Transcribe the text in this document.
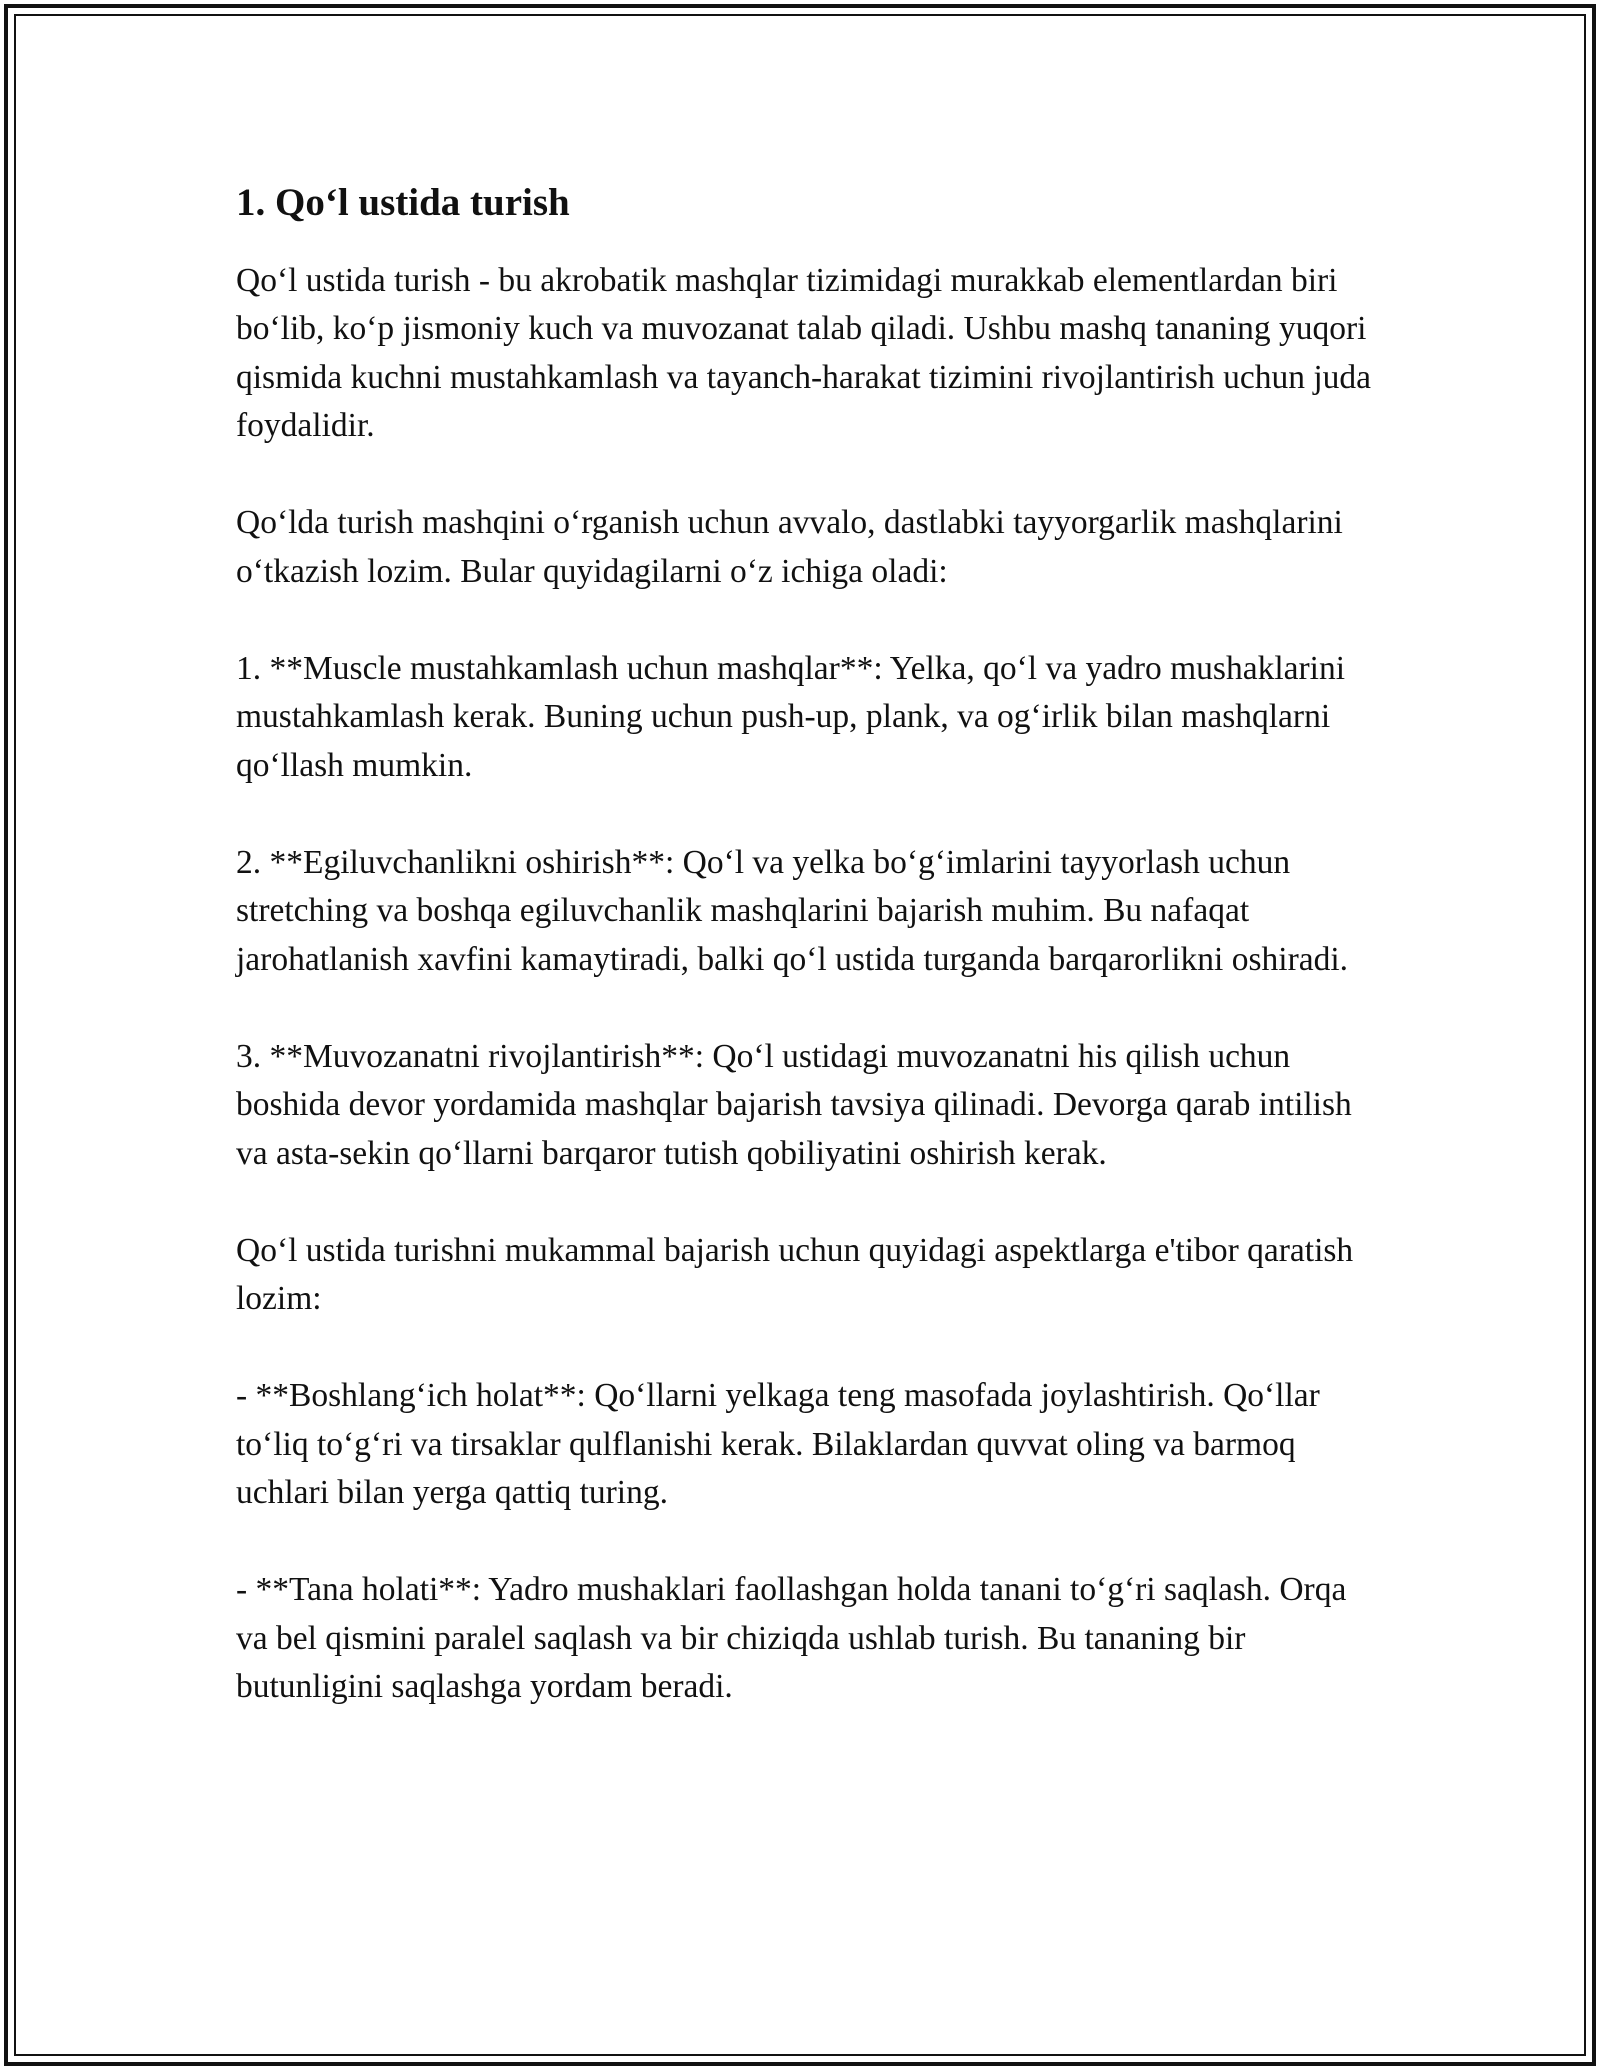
1. Qo‘l ustida turish

Qo‘l ustida turish - bu akrobatik mashqlar tizimidagi murakkab elementlardan biri bo‘lib, ko‘p jismoniy kuch va muvozanat talab qiladi. Ushbu mashq tananing yuqori qismida kuchni mustahkamlash va tayanch-harakat tizimini rivojlantirish uchun juda foydalidir.

Qo‘lda turish mashqini o‘rganish uchun avvalo, dastlabki tayyorgarlik mashqlarini o‘tkazish lozim. Bular quyidagilarni o‘z ichiga oladi:

1. **Muscle mustahkamlash uchun mashqlar**: Yelka, qo‘l va yadro mushaklarini mustahkamlash kerak. Buning uchun push-up, plank, va og‘irlik bilan mashqlarni qo‘llash mumkin.

2. **Egiluvchanlikni oshirish**: Qo‘l va yelka bo‘g‘imlarini tayyorlash uchun stretching va boshqa egiluvchanlik mashqlarini bajarish muhim. Bu nafaqat jarohatlanish xavfini kamaytiradi, balki qo‘l ustida turganda barqarorlikni oshiradi.

3. **Muvozanatni rivojlantirish**: Qo‘l ustidagi muvozanatni his qilish uchun boshida devor yordamida mashqlar bajarish tavsiya qilinadi. Devorga qarab intilish va asta-sekin qo‘llarni barqaror tutish qobiliyatini oshirish kerak.

Qo‘l ustida turishni mukammal bajarish uchun quyidagi aspektlarga e'tibor qaratish lozim:

- **Boshlang‘ich holat**: Qo‘llarni yelkaga teng masofada joylashtirish. Qo‘llar to‘liq to‘g‘ri va tirsaklar qulflanishi kerak. Bilaklardan quvvat oling va barmoq uchlari bilan yerga qattiq turing.

- **Tana holati**: Yadro mushaklari faollashgan holda tanani to‘g‘ri saqlash. Orqa va bel qismini paralel saqlash va bir chiziqda ushlab turish. Bu tananing bir butunligini saqlashga yordam beradi.
